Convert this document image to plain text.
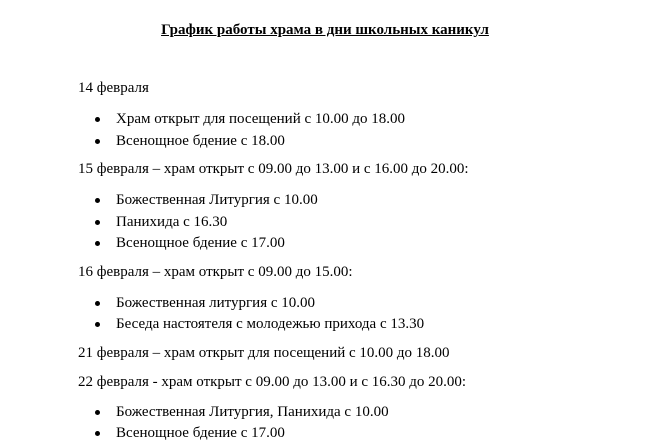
График работы храма в дни школьных каникул
14 февраля
Храм открыт для посещений с 10.00 до 18.00
Всенощное бдение с 18.00
15 февраля – храм открыт с 09.00 до 13.00 и с 16.00 до 20.00:
Божественная Литургия с 10.00
Панихида с 16.30
Всенощное бдение с 17.00
16 февраля – храм открыт с 09.00 до 15.00:
Божественная литургия с 10.00
Беседа настоятеля с молодежью прихода с 13.30
21 февраля – храм открыт для посещений с 10.00 до 18.00
22 февраля - храм открыт с 09.00 до 13.00 и с 16.30 до 20.00:
Божественная Литургия, Панихида с 10.00
Всенощное бдение с 17.00
